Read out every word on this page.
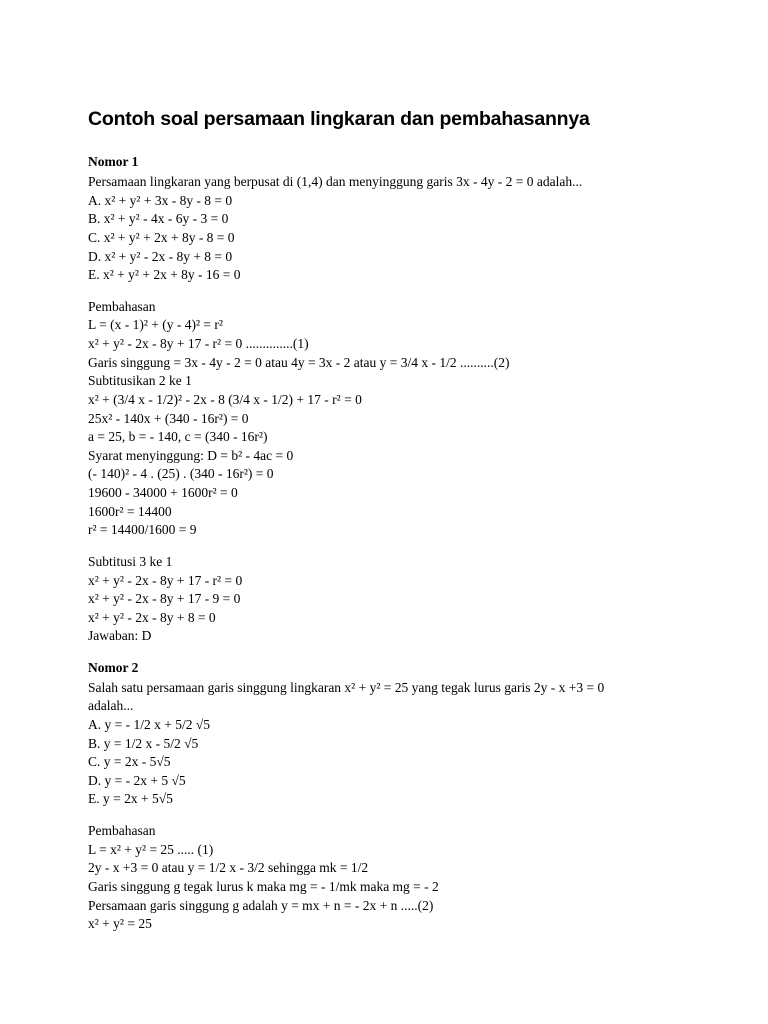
Contoh soal persamaan lingkaran dan pembahasannya

Nomor 1

Persamaan lingkaran yang berpusat di (1,4) dan menyinggung garis 3x - 4y - 2 = 0 adalah...

A. x² + y² + 3x - 8y - 8 = 0

B. x² + y² - 4x - 6y - 3 = 0

C. x² + y² + 2x + 8y - 8 = 0

D. x² + y² - 2x - 8y + 8 = 0

E. x² + y² + 2x + 8y - 16 = 0

Pembahasan

L = (x - 1)² + (y - 4)² = r²

x² + y² - 2x - 8y + 17 - r² = 0 ..............(1)

Garis singgung = 3x - 4y - 2 = 0 atau 4y = 3x - 2 atau y = 3/4 x - 1/2 ..........(2)

Subtitusikan 2 ke 1

x² + (3/4 x - 1/2)² - 2x - 8 (3/4 x - 1/2) + 17 - r² = 0

25x² - 140x + (340 - 16r²) = 0

a = 25, b = - 140, c = (340 - 16r²)

Syarat menyinggung: D = b² - 4ac = 0

(- 140)² - 4 . (25) . (340 - 16r²) = 0

19600 - 34000 + 1600r² = 0

1600r² = 14400

r² = 14400/1600 = 9

Subtitusi 3 ke 1

x² + y² - 2x - 8y + 17 - r² = 0

x² + y² - 2x - 8y + 17 - 9 = 0

x² + y² - 2x - 8y + 8 = 0

Jawaban: D

Nomor 2

Salah satu persamaan garis singgung lingkaran x² + y² = 25 yang tegak lurus garis 2y - x +3 = 0

adalah...

A. y = - 1/2 x + 5/2 √5

B. y = 1/2 x - 5/2 √5

C. y = 2x - 5√5

D. y = - 2x + 5 √5

E. y = 2x + 5√5

Pembahasan

L = x² + y² = 25 ..... (1)

2y - x +3 = 0 atau y = 1/2 x - 3/2 sehingga mk = 1/2

Garis singgung g tegak lurus k maka mg = - 1/mk maka mg = - 2

Persamaan garis singgung g adalah y = mx + n = - 2x + n .....(2)

x² + y² = 25
